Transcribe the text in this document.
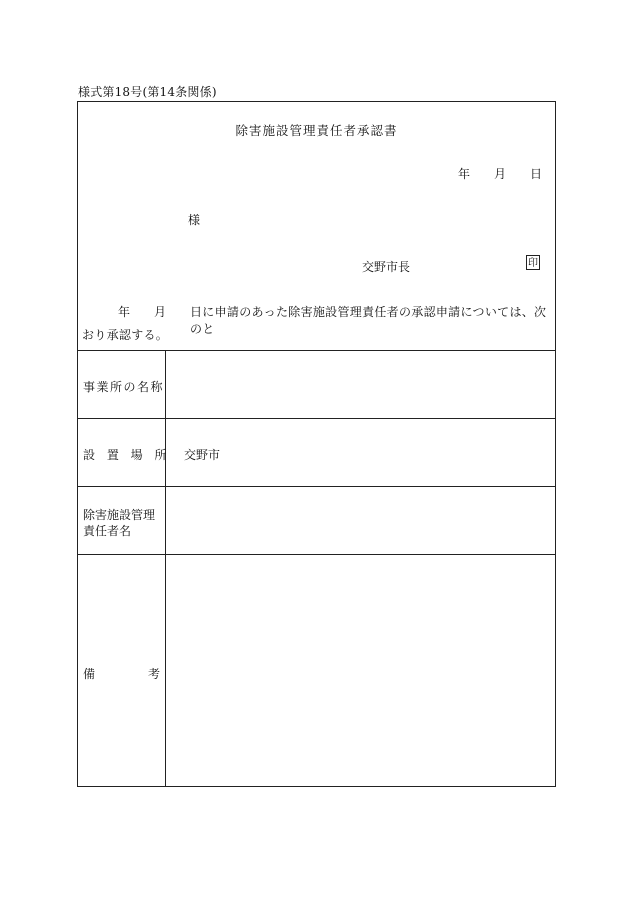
様式第18号(第14条関係)
除害施設管理責任者承認書
年 月 日
様
交野市長	印
年 月 日に申請のあった除害施設管理責任者の承認申請については、次のと
おり承認する。
事業所の名称
設 置 場 所 交野市
除害施設管理
責任者名
備	考
